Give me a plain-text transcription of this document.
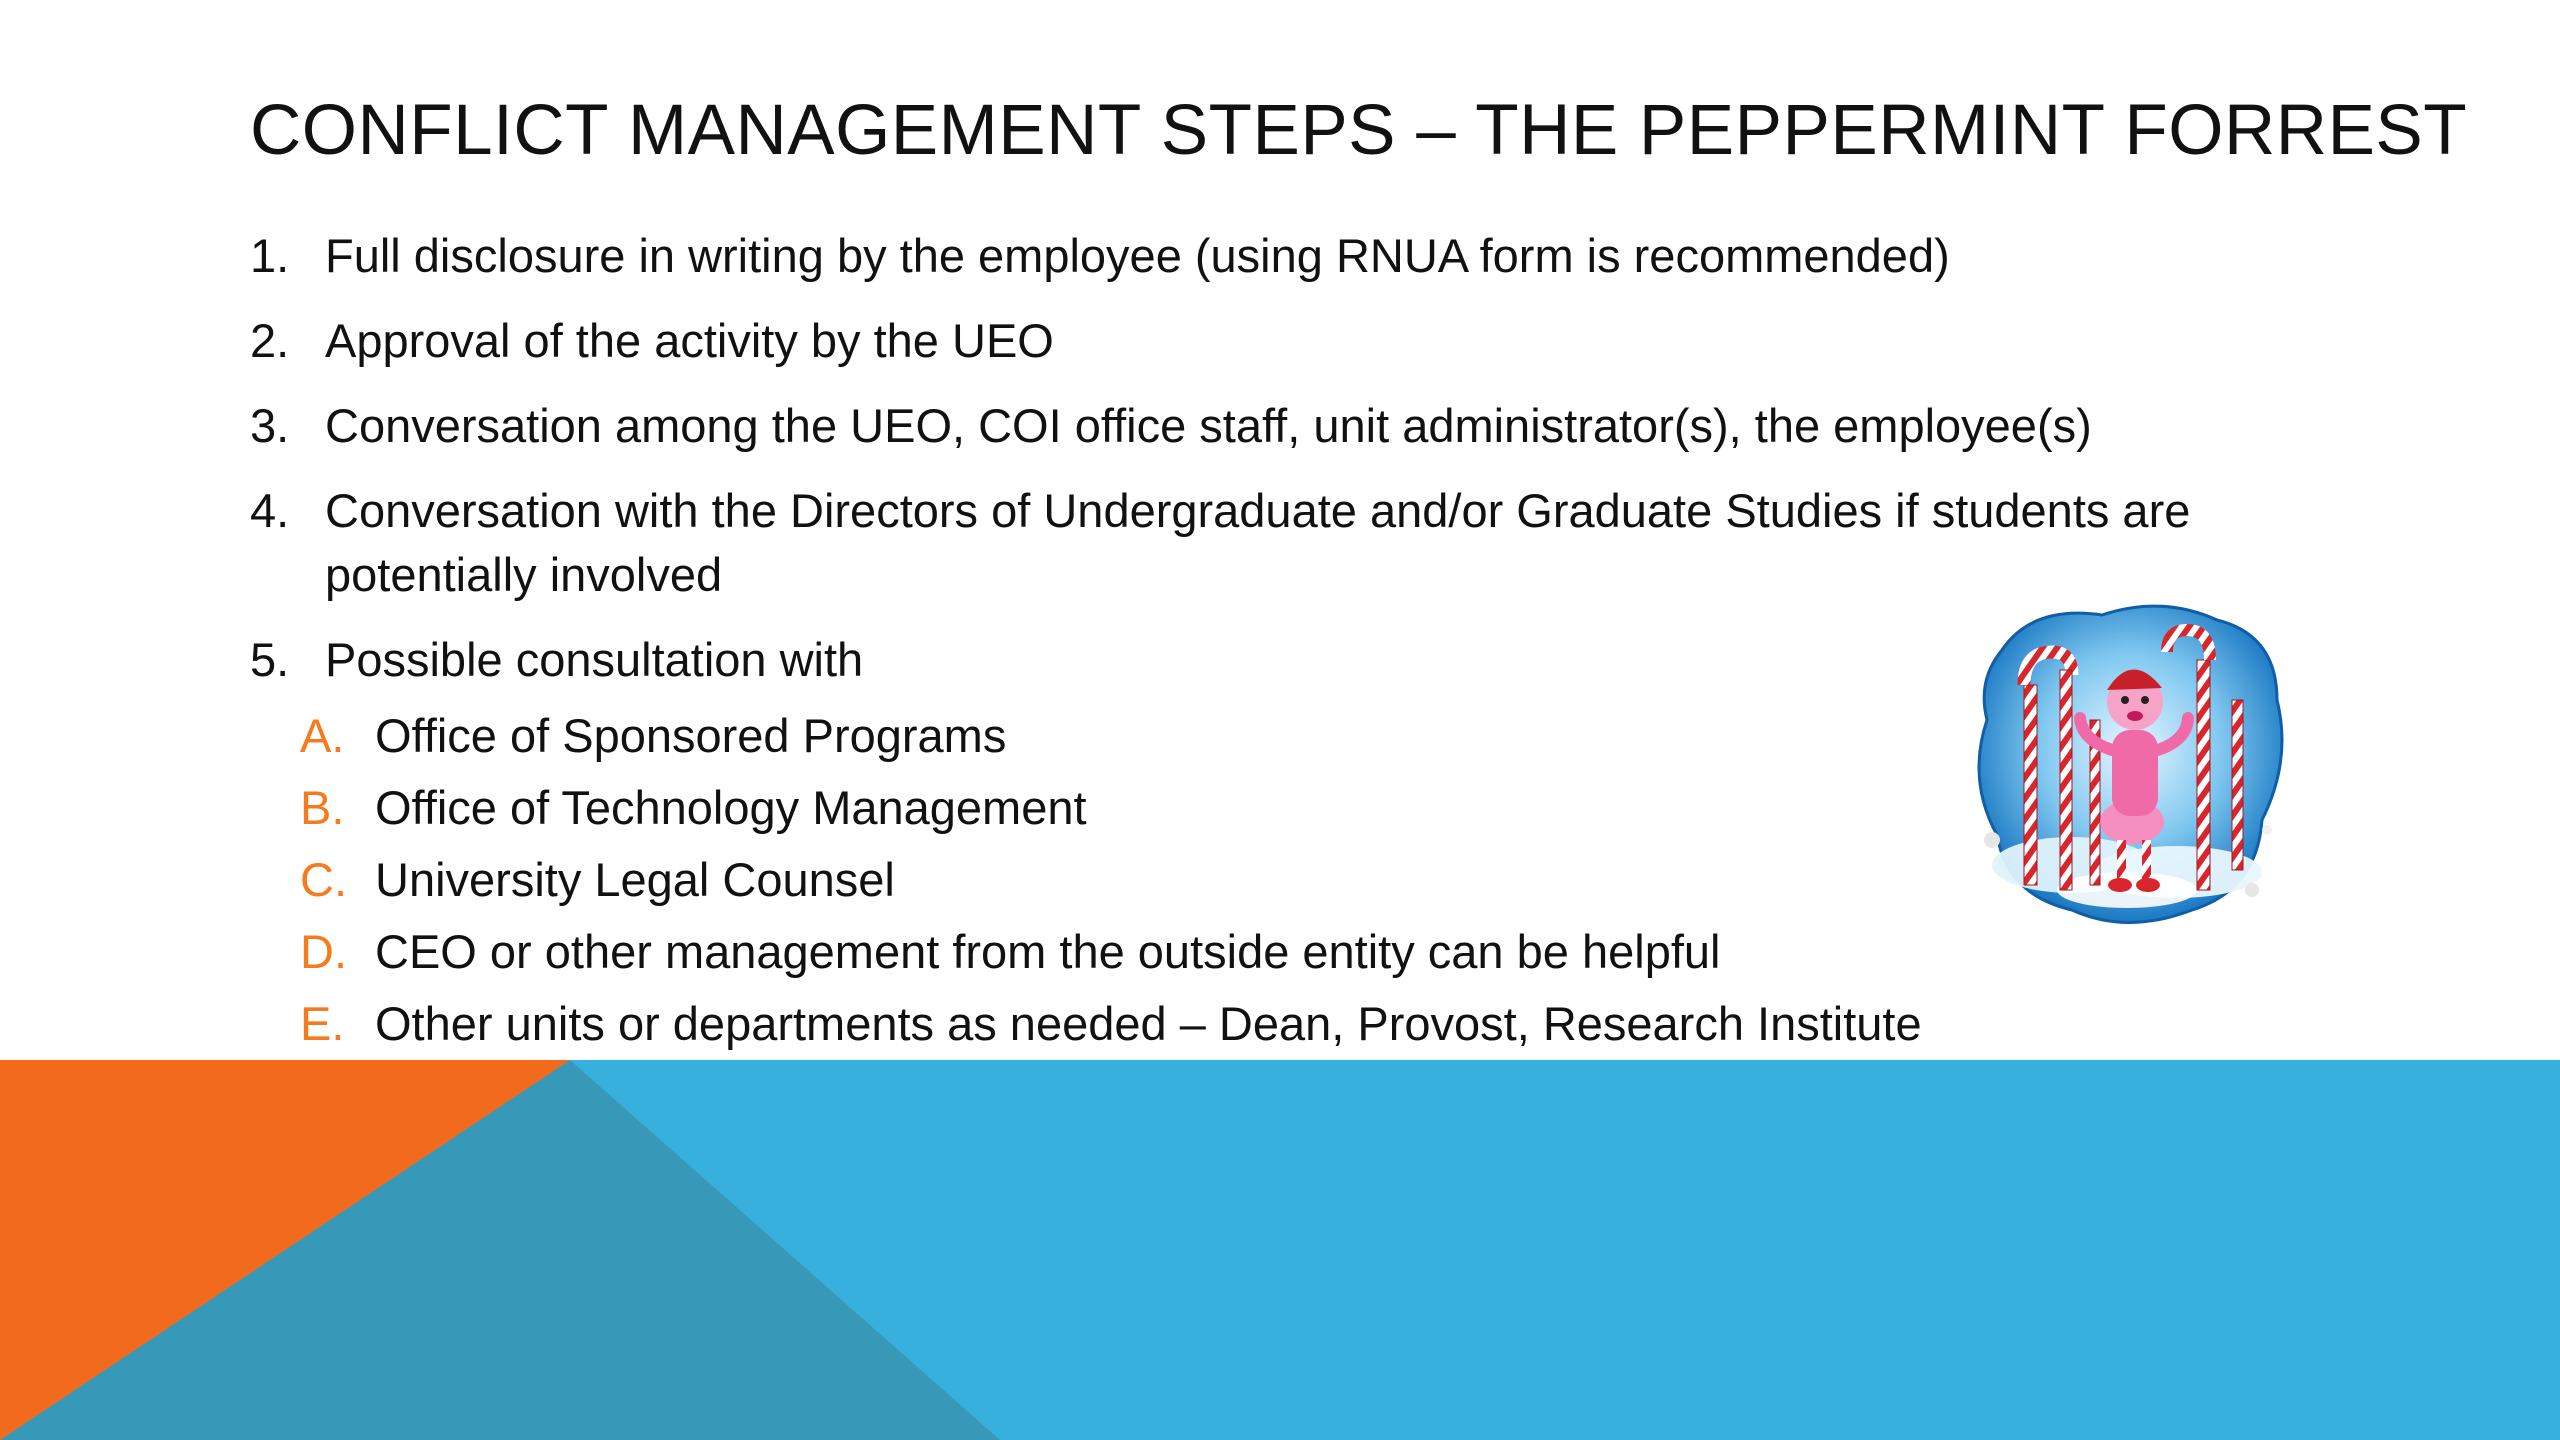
CONFLICT MANAGEMENT STEPS – THE PEPPERMINT FORREST
1. Full disclosure in writing by the employee (using RNUA form is recommended)
2. Approval of the activity by the UEO
3. Conversation among the UEO, COI office staff, unit administrator(s), the employee(s)
4. Conversation with the Directors of Undergraduate and/or Graduate Studies if students are potentially involved
5. Possible consultation with
A. Office of Sponsored Programs
B. Office of Technology Management
C. University Legal Counsel
D. CEO or other management from the outside entity can be helpful
E. Other units or departments as needed – Dean, Provost, Research Institute
